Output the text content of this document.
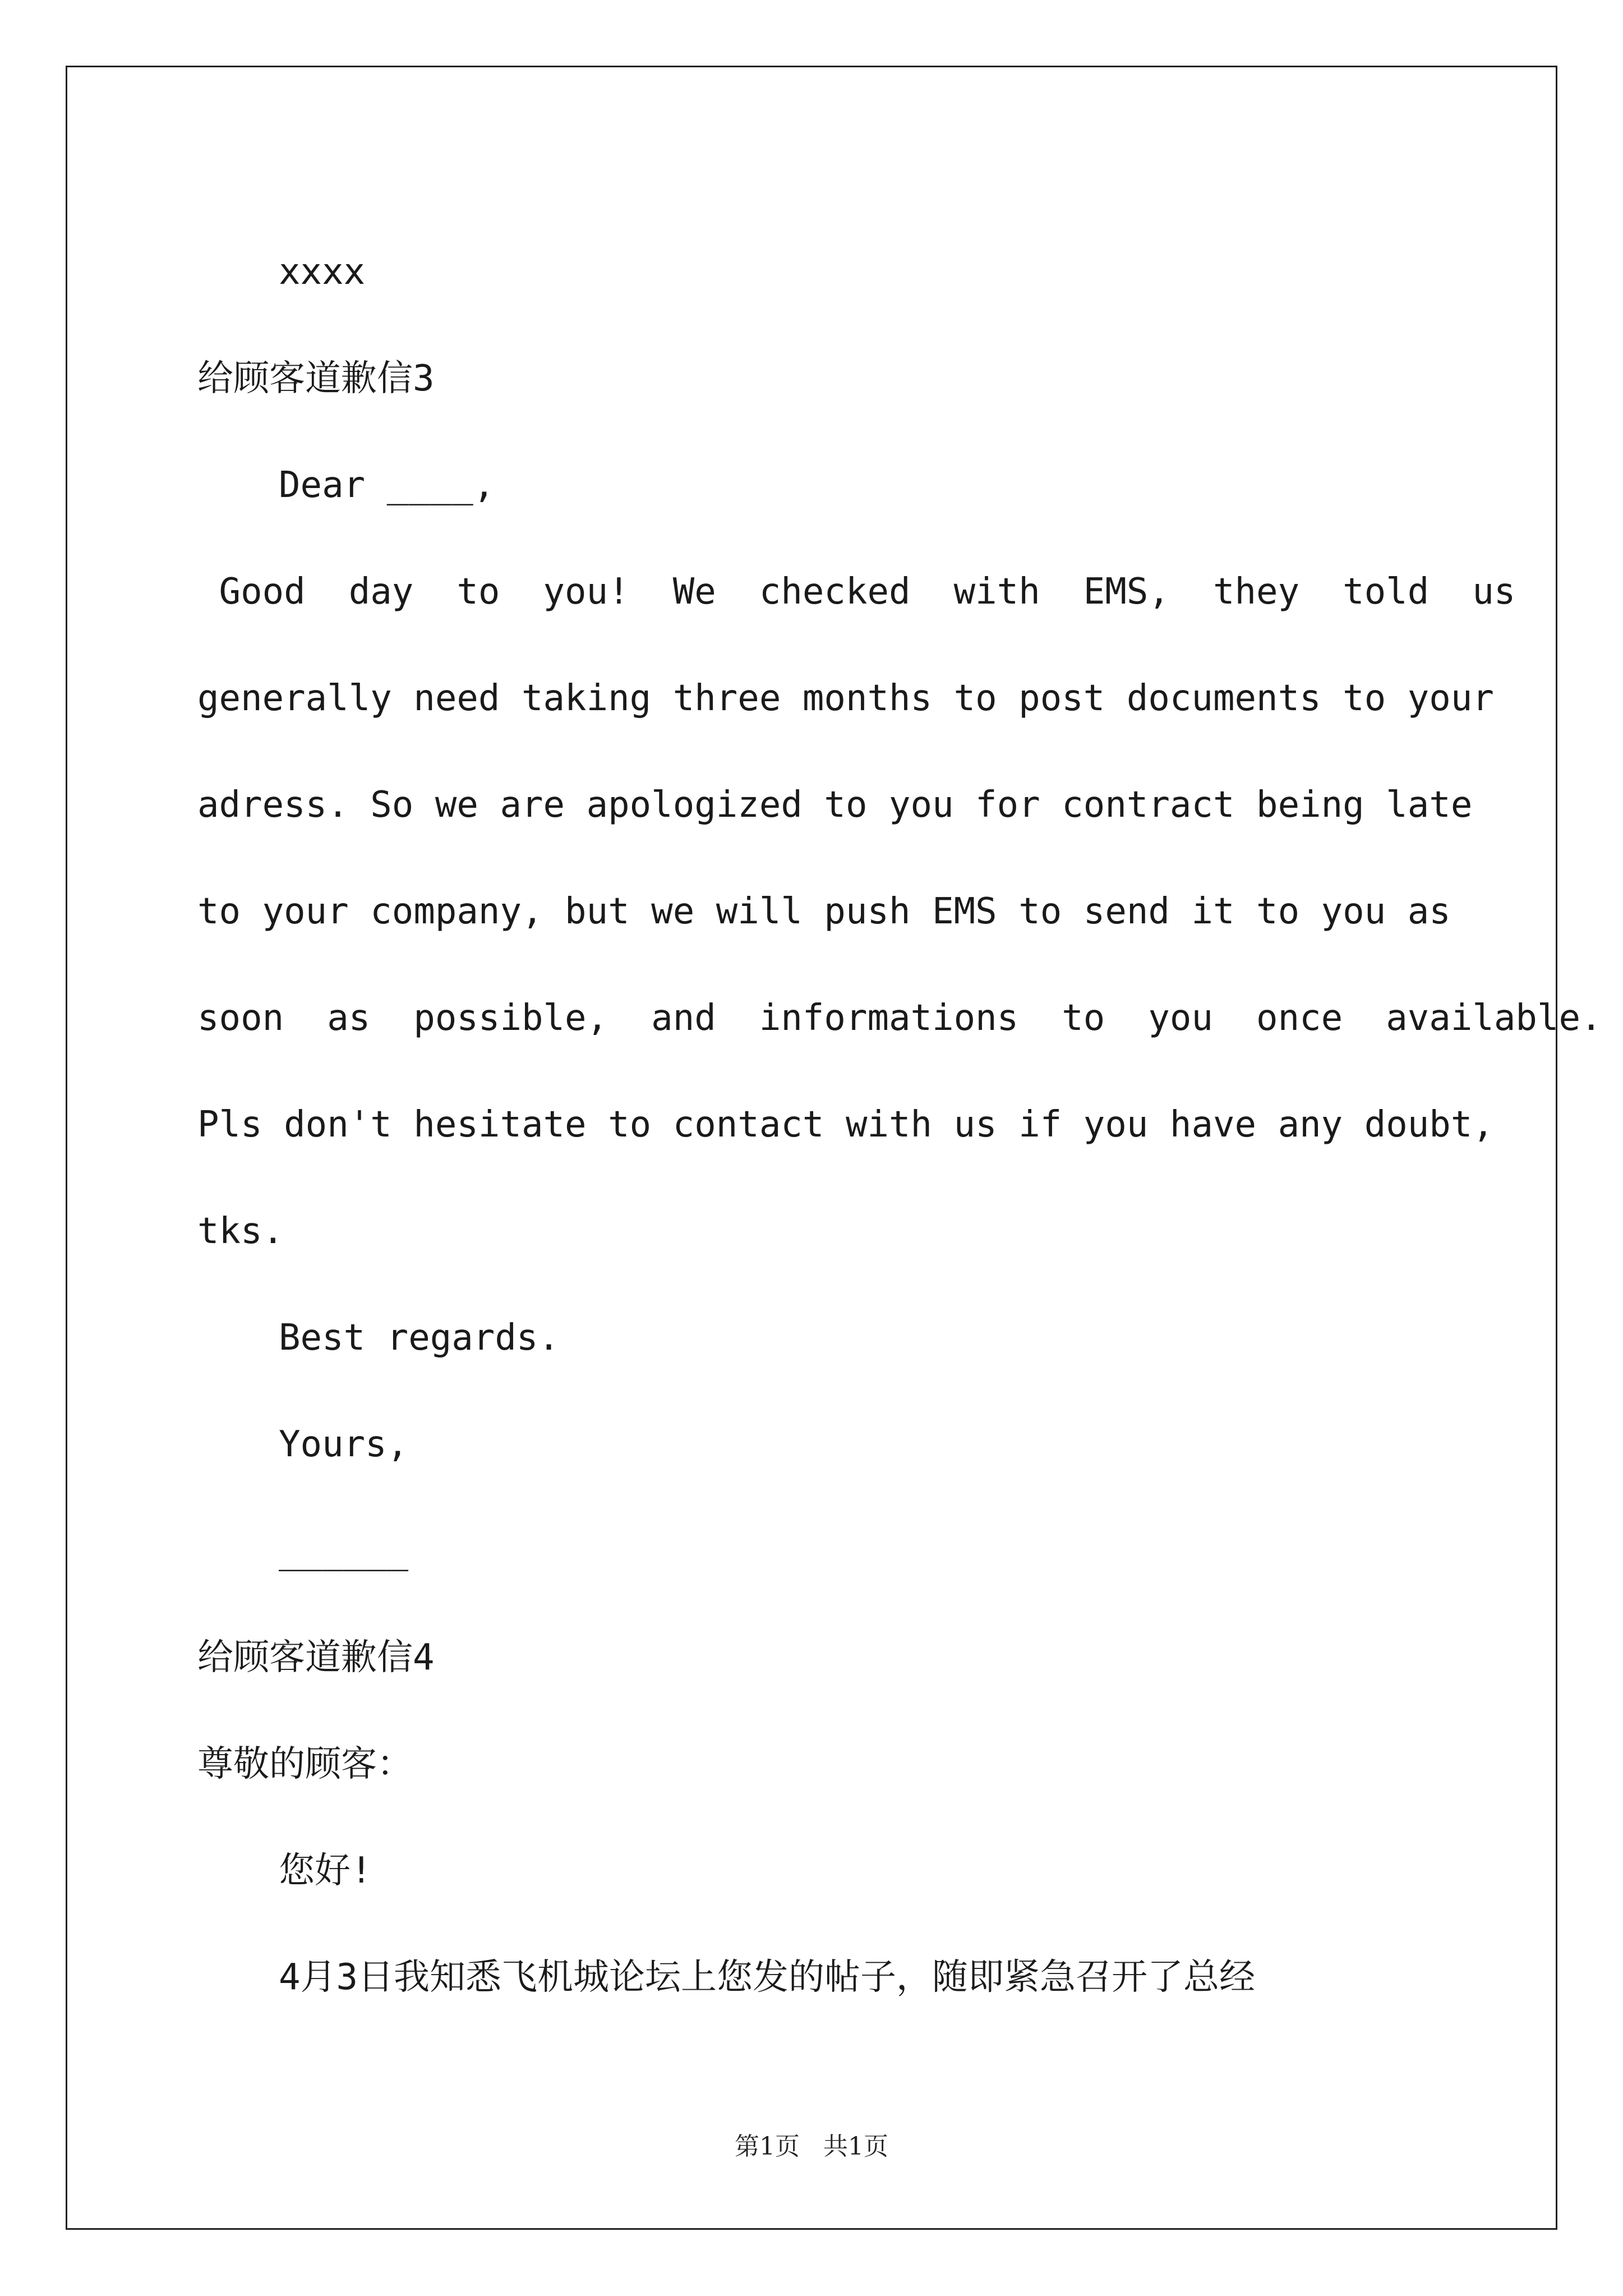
xxxx

给顾客道歉信3

Dear ____,

Good  day  to  you!  We  checked  with  EMS,  they  told  us

generally need taking three months to post documents to your

adress. So we are apologized to you for contract being late

to your company, but we will push EMS to send it to you as

soon  as  possible,  and  informations  to  you  once  available.

Pls don't hesitate to contact with us if you have any doubt,

tks.

Best regards.

Yours,

______

给顾客道歉信4

尊敬的顾客：

您好!

4月3日我知悉飞机城论坛上您发的帖子，随即紧急召开了总经

第1页 共1页
